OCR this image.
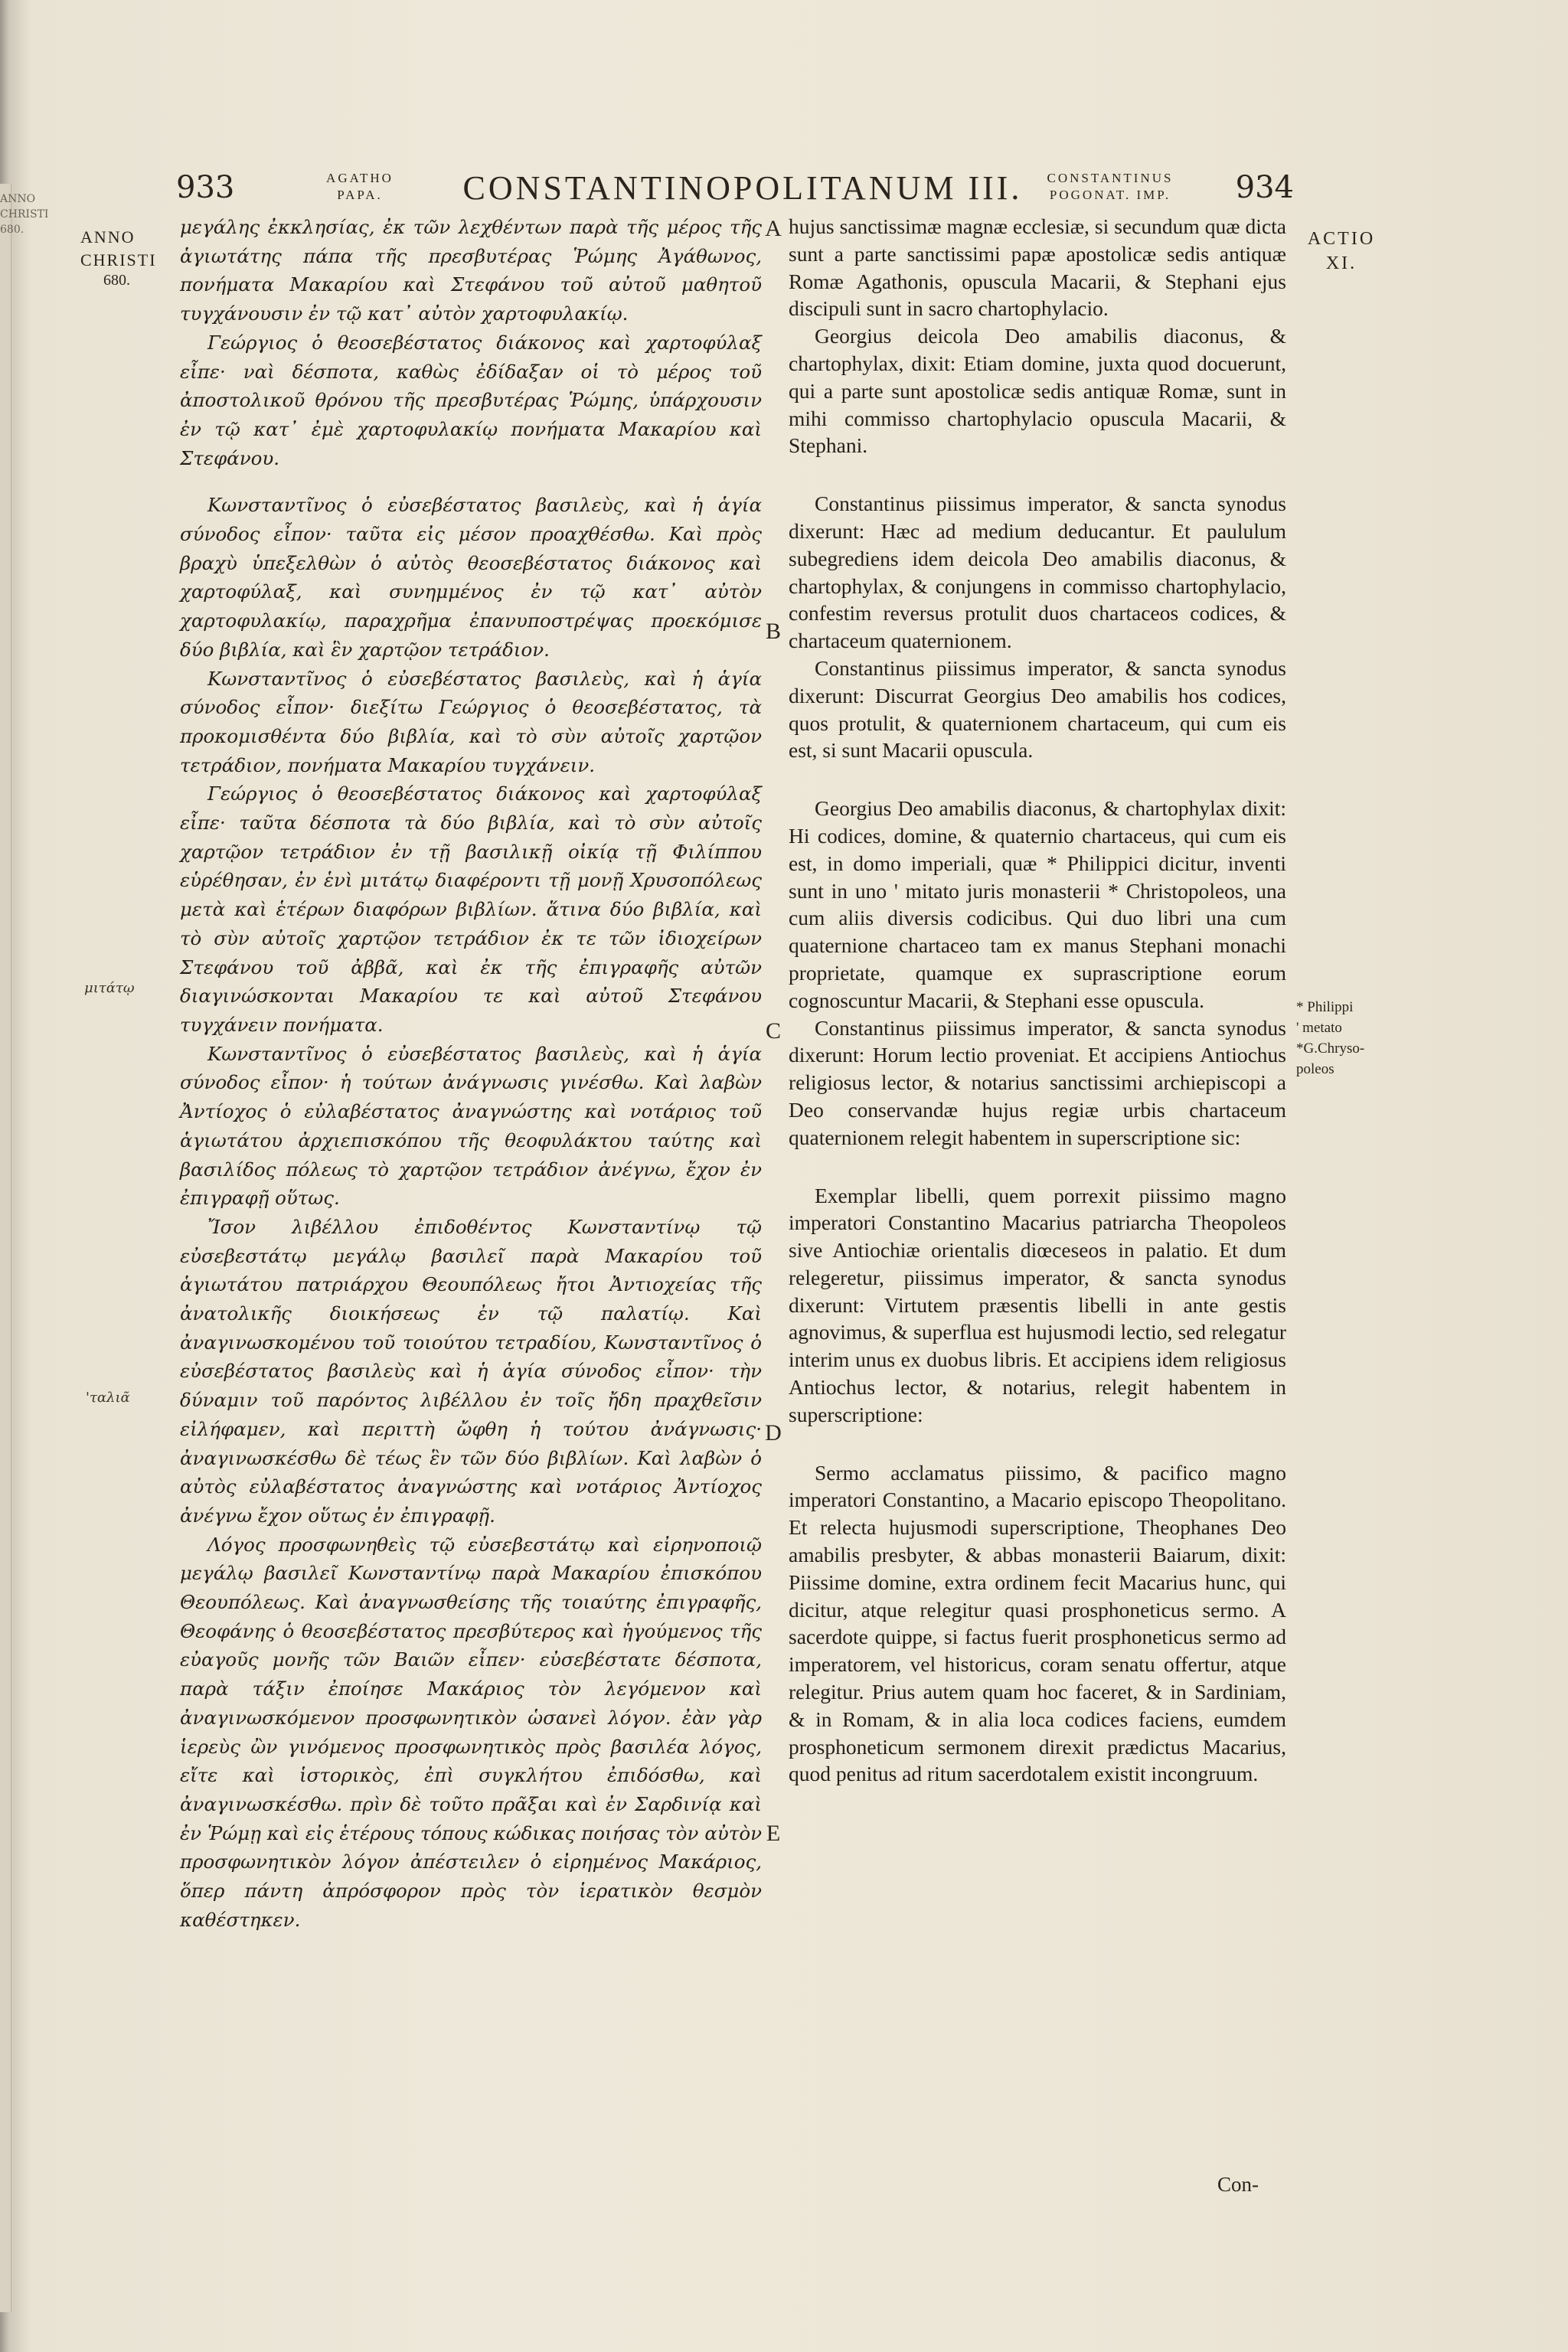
ANNO CHRISTI 680.
933	AGATHO
PAPA.	CONSTANTINOPOLITANUM III.	CONSTANTINUS
POGONAT. IMP.	934
ANNO
CHRISTI
680.
μιτάτῳ
'ταλιᾶ

μεγάλης ἐκκλησίας, ἐκ τῶν λεχθέντων παρὰ τῆς μέρος τῆς ἁγιωτάτης πάπα τῆς πρεσβυτέρας Ῥώμης Ἀγάθωνος, πονήματα Μακαρίου καὶ Στεφάνου τοῦ αὐτοῦ μαθητοῦ τυγχάνουσιν ἐν τῷ κατ᾽ αὐτὸν χαρτοφυλακίῳ.

Γεώργιος ὁ θεοσεβέστατος διάκονος καὶ χαρτοφύλαξ εἶπε· ναὶ δέσποτα, καθὼς ἐδίδαξαν οἱ τὸ μέρος τοῦ ἀποστολικοῦ θρόνου τῆς πρεσβυτέρας Ῥώμης, ὑπάρχουσιν ἐν τῷ κατ᾽ ἐμὲ χαρτοφυλακίῳ πονήματα Μακαρίου καὶ Στεφάνου.

Κωνσταντῖνος ὁ εὐσεβέστατος βασιλεὺς, καὶ ἡ ἁγία σύνοδος εἶπον· ταῦτα εἰς μέσον προαχθέσθω. Καὶ πρὸς βραχὺ ὑπεξελθὼν ὁ αὐτὸς θεοσεβέστατος διάκονος καὶ χαρτοφύλαξ, καὶ συνημμένος ἐν τῷ κατ᾽ αὐτὸν χαρτοφυλακίῳ, παραχρῆμα ἐπανυποστρέψας προεκόμισε δύο βιβλία, καὶ ἓν χαρτῷον τετράδιον.

Κωνσταντῖνος ὁ εὐσεβέστατος βασιλεὺς, καὶ ἡ ἁγία σύνοδος εἶπον· διεξίτω Γεώργιος ὁ θεοσεβέστατος, τὰ προκομισθέντα δύο βιβλία, καὶ τὸ σὺν αὐτοῖς χαρτῷον τετράδιον, πονήματα Μακαρίου τυγχάνειν.

Γεώργιος ὁ θεοσεβέστατος διάκονος καὶ χαρτοφύλαξ εἶπε· ταῦτα δέσποτα τὰ δύο βιβλία, καὶ τὸ σὺν αὐτοῖς χαρτῷον τετράδιον ἐν τῇ βασιλικῇ οἰκίᾳ τῇ Φιλίππου εὑρέθησαν, ἐν ἑνὶ μιτάτῳ διαφέροντι τῇ μονῇ Χρυσοπόλεως μετὰ καὶ ἑτέρων διαφόρων βιβλίων. ἅτινα δύο βιβλία, καὶ τὸ σὺν αὐτοῖς χαρτῷον τετράδιον ἐκ τε τῶν ἰδιοχείρων Στεφάνου τοῦ ἀββᾶ, καὶ ἐκ τῆς ἐπιγραφῆς αὐτῶν διαγινώσκονται Μακαρίου τε καὶ αὐτοῦ Στεφάνου τυγχάνειν πονήματα.

Κωνσταντῖνος ὁ εὐσεβέστατος βασιλεὺς, καὶ ἡ ἁγία σύνοδος εἶπον· ἡ τούτων ἀνάγνωσις γινέσθω. Καὶ λαβὼν Ἀντίοχος ὁ εὐλαβέστατος ἀναγνώστης καὶ νοτάριος τοῦ ἁγιωτάτου ἀρχιεπισκόπου τῆς θεοφυλάκτου ταύτης καὶ βασιλίδος πόλεως τὸ χαρτῷον τετράδιον ἀνέγνω, ἔχον ἐν ἐπιγραφῇ οὕτως.

Ἴσον λιβέλλου ἐπιδοθέντος Κωνσταντίνῳ τῷ εὐσεβεστάτῳ μεγάλῳ βασιλεῖ παρὰ Μακαρίου τοῦ ἁγιωτάτου πατριάρχου Θεουπόλεως ἤτοι Ἀντιοχείας τῆς ἀνατολικῆς διοικήσεως ἐν τῷ παλατίῳ. Καὶ ἀναγινωσκομένου τοῦ τοιούτου τετραδίου, Κωνσταντῖνος ὁ εὐσεβέστατος βασιλεὺς καὶ ἡ ἁγία σύνοδος εἶπον· τὴν δύναμιν τοῦ παρόντος λιβέλλου ἐν τοῖς ἤδη πραχθεῖσιν εἰλήφαμεν, καὶ περιττὴ ὤφθη ἡ τούτου ἀνάγνωσις· ἀναγινωσκέσθω δὲ τέως ἓν τῶν δύο βιβλίων. Καὶ λαβὼν ὁ αὐτὸς εὐλαβέστατος ἀναγνώστης καὶ νοτάριος Ἀντίοχος ἀνέγνω ἔχον οὕτως ἐν ἐπιγραφῇ.

Λόγος προσφωνηθεὶς τῷ εὐσεβεστάτῳ καὶ εἰρηνοποιῷ μεγάλῳ βασιλεῖ Κωνσταντίνῳ παρὰ Μακαρίου ἐπισκόπου Θεουπόλεως. Καὶ ἀναγνωσθείσης τῆς τοιαύτης ἐπιγραφῆς, Θεοφάνης ὁ θεοσεβέστατος πρεσβύτερος καὶ ἡγούμενος τῆς εὐαγοῦς μονῆς τῶν Βαιῶν εἶπεν· εὐσεβέστατε δέσποτα, παρὰ τάξιν ἐποίησε Μακάριος τὸν λεγόμενον καὶ ἀναγινωσκόμενον προσφωνητικὸν ὡσανεὶ λόγον. ἐὰν γὰρ ἱερεὺς ὢν γινόμενος προσφωνητικὸς πρὸς βασιλέα λόγος, εἴτε καὶ ἱστορικὸς, ἐπὶ συγκλήτου ἐπιδόσθω, καὶ ἀναγινωσκέσθω. πρὶν δὲ τοῦτο πρᾶξαι καὶ ἐν Σαρδινίᾳ καὶ ἐν Ῥώμῃ καὶ εἰς ἑτέρους τόπους κώδικας ποιήσας τὸν αὐτὸν προσφωνητικὸν λόγον ἀπέστειλεν ὁ εἰρημένος Μακάριος, ὅπερ πάντη ἀπρόσφορον πρὸς τὸν ἱερατικὸν θεσμὸν καθέστηκεν.

A
B
C
D
E

hujus sanctissimæ magnæ ecclesiæ, si secundum quæ dicta sunt a parte sanctissimi papæ apostolicæ sedis antiquæ Romæ Agathonis, opuscula Macarii, & Stephani ejus discipuli sunt in sacro chartophylacio.

Georgius deicola Deo amabilis diaconus, & chartophylax, dixit: Etiam domine, juxta quod docuerunt, qui a parte sunt apostolicæ sedis antiquæ Romæ, sunt in mihi commisso chartophylacio opuscula Macarii, & Stephani.

Constantinus piissimus imperator, & sancta synodus dixerunt: Hæc ad medium deducantur. Et paululum subegrediens idem deicola Deo amabilis diaconus, & chartophylax, & conjungens in commisso chartophylacio, confestim reversus protulit duos chartaceos codices, & chartaceum quaternionem.

Constantinus piissimus imperator, & sancta synodus dixerunt: Discurrat Georgius Deo amabilis hos codices, quos protulit, & quaternionem chartaceum, qui cum eis est, si sunt Macarii opuscula.

Georgius Deo amabilis diaconus, & chartophylax dixit: Hi codices, domine, & quaternio chartaceus, qui cum eis est, in domo imperiali, quæ * Philippici dicitur, inventi sunt in uno ' mitato juris monasterii * Christopoleos, una cum aliis diversis codicibus. Qui duo libri una cum quaternione chartaceo tam ex manus Stephani monachi proprietate, quamque ex suprascriptione eorum cognoscuntur Macarii, & Stephani esse opuscula.

Constantinus piissimus imperator, & sancta synodus dixerunt: Horum lectio proveniat. Et accipiens Antiochus religiosus lector, & notarius sanctissimi archiepiscopi a Deo conservandæ hujus regiæ urbis chartaceum quaternionem relegit habentem in superscriptione sic:

Exemplar libelli, quem porrexit piissimo magno imperatori Constantino Macarius patriarcha Theopoleos sive Antiochiæ orientalis diœceseos in palatio. Et dum relegeretur, piissimus imperator, & sancta synodus dixerunt: Virtutem præsentis libelli in ante gestis agnovimus, & superflua est hujusmodi lectio, sed relegatur interim unus ex duobus libris. Et accipiens idem religiosus Antiochus lector, & notarius, relegit habentem in superscriptione:

Sermo acclamatus piissimo, & pacifico magno imperatori Constantino, a Macario episcopo Theopolitano. Et relecta hujusmodi superscriptione, Theophanes Deo amabilis presbyter, & abbas monasterii Baiarum, dixit: Piissime domine, extra ordinem fecit Macarius hunc, qui dicitur, atque relegitur quasi prosphoneticus sermo. A sacerdote quippe, si factus fuerit prosphoneticus sermo ad imperatorem, vel historicus, coram senatu offertur, atque relegitur. Prius autem quam hoc faceret, & in Sardiniam, & in Romam, & in alia loca codices faciens, eumdem prosphoneticum sermonem direxit prædictus Macarius, quod penitus ad ritum sacerdotalem existit incongruum.

Con-
ACTIO
XI.
* Philippi
' metato
*G.Chryso-
poleos
